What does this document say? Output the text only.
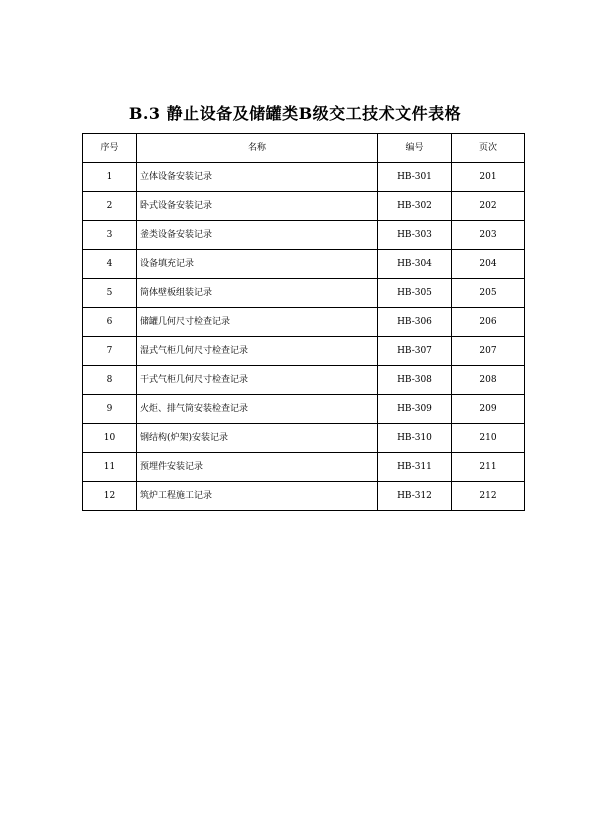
B.3 静止设备及储罐类B级交工技术文件表格
序号	名称	编号	页次
1	立体设备安装记录	HB-301	201
2	卧式设备安装记录	HB-302	202
3	釜类设备安装记录	HB-303	203
4	设备填充记录	HB-304	204
5	筒体壁板组装记录	HB-305	205
6	储罐几何尺寸检查记录	HB-306	206
7	湿式气柜几何尺寸检查记录	HB-307	207
8	干式气柜几何尺寸检查记录	HB-308	208
9	火炬、排气筒安装检查记录	HB-309	209
10	钢结构(炉架)安装记录	HB-310	210
11	预埋件安装记录	HB-311	211
12	筑炉工程施工记录	HB-312	212
